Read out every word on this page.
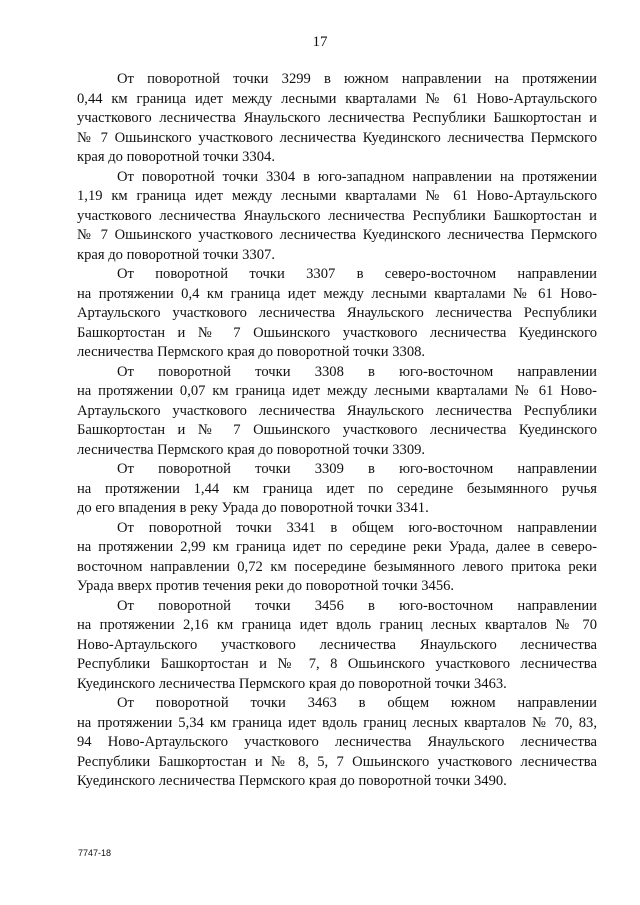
17

От поворотной точки 3299 в южном направлении на протяжении
0,44 км граница идет между лесными кварталами № 61 Ново-Артаульского
участкового лесничества Янаульского лесничества Республики Башкортостан и
№ 7 Ошьинского участкового лесничества Куединского лесничества Пермского
края до поворотной точки 3304.

От поворотной точки 3304 в юго-западном направлении на протяжении
1,19 км граница идет между лесными кварталами № 61 Ново-Артаульского
участкового лесничества Янаульского лесничества Республики Башкортостан и
№ 7 Ошьинского участкового лесничества Куединского лесничества Пермского
края до поворотной точки 3307.

От поворотной точки 3307 в северо-восточном направлении
на протяжении 0,4 км граница идет между лесными кварталами № 61 Ново-
Артаульского участкового лесничества Янаульского лесничества Республики
Башкортостан и № 7 Ошьинского участкового лесничества Куединского
лесничества Пермского края до поворотной точки 3308.

От поворотной точки 3308 в юго-восточном направлении
на протяжении 0,07 км граница идет между лесными кварталами № 61 Ново-
Артаульского участкового лесничества Янаульского лесничества Республики
Башкортостан и № 7 Ошьинского участкового лесничества Куединского
лесничества Пермского края до поворотной точки 3309.

От поворотной точки 3309 в юго-восточном направлении
на протяжении 1,44 км граница идет по середине безымянного ручья
до его впадения в реку Урада до поворотной точки 3341.

От поворотной точки 3341 в общем юго-восточном направлении
на протяжении 2,99 км граница идет по середине реки Урада, далее в северо-
восточном направлении 0,72 км посередине безымянного левого притока реки
Урада вверх против течения реки до поворотной точки 3456.

От поворотной точки 3456 в юго-восточном направлении
на протяжении 2,16 км граница идет вдоль границ лесных кварталов № 70
Ново-Артаульского участкового лесничества Янаульского лесничества
Республики Башкортостан и № 7, 8 Ошьинского участкового лесничества
Куединского лесничества Пермского края до поворотной точки 3463.

От поворотной точки 3463 в общем южном направлении
на протяжении 5,34 км граница идет вдоль границ лесных кварталов № 70, 83,
94 Ново-Артаульского участкового лесничества Янаульского лесничества
Республики Башкортостан и № 8, 5, 7 Ошьинского участкового лесничества
Куединского лесничества Пермского края до поворотной точки 3490.

7747-18
